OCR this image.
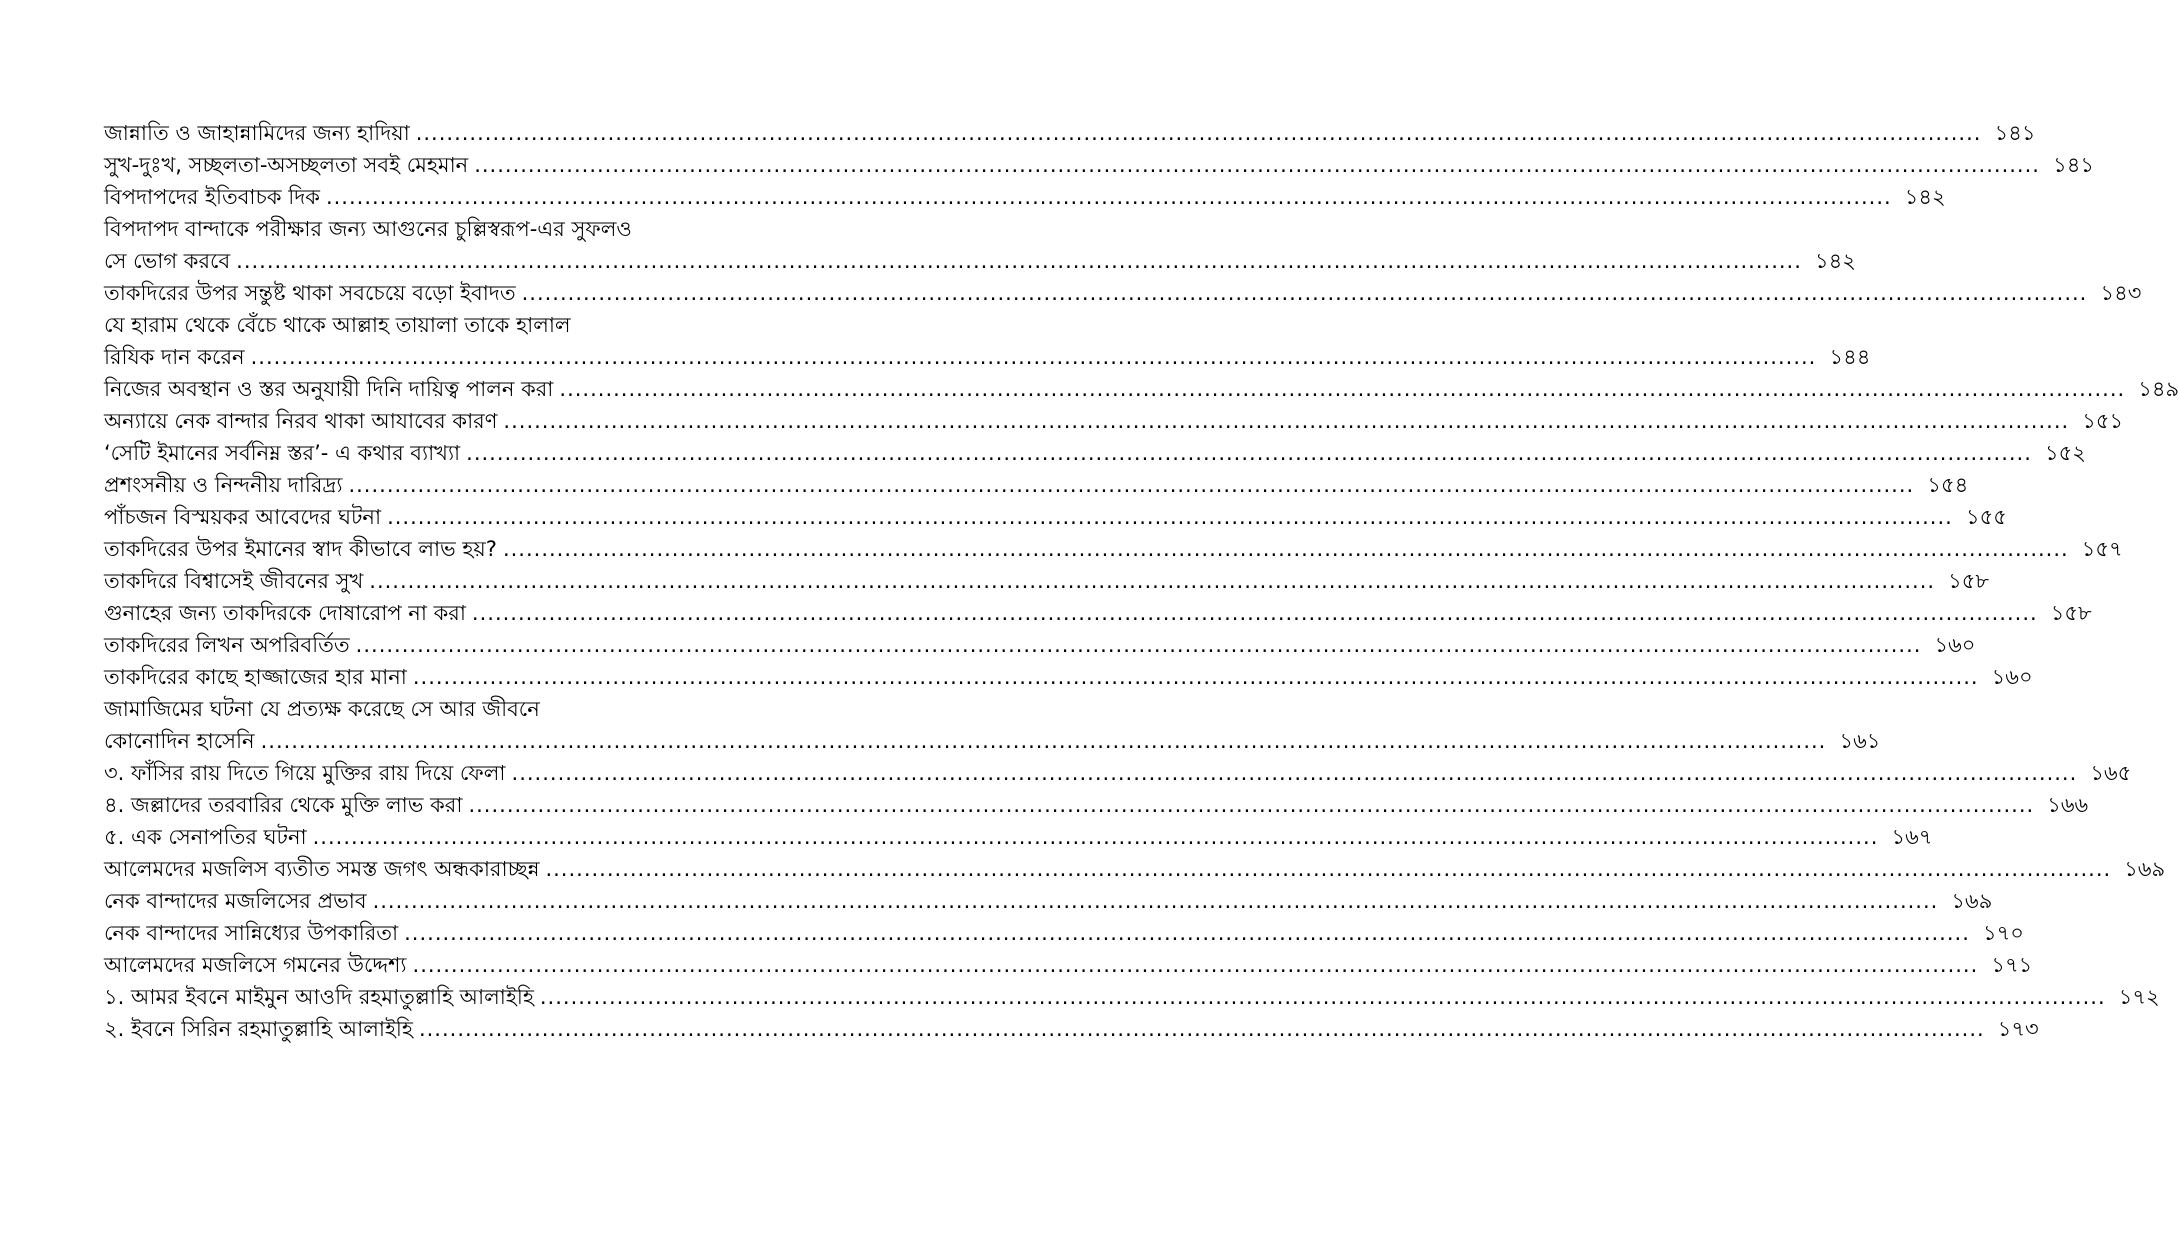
জান্নাতি ও জাহান্নামিদের জন্য হাদিয়া .....	১৪১
সুখ-দুঃখ, সচ্ছলতা-অসচ্ছলতা সবই মেহমান .....	১৪১
বিপদাপদের ইতিবাচক দিক .....	১৪২
বিপদাপদ বান্দাকে পরীক্ষার জন্য আগুনের চুল্লিস্বরূপ-এর সুফলও
সে ভোগ করবে .....	১৪২
তাকদিরের উপর সন্তুষ্ট থাকা সবচেয়ে বড়ো ইবাদত .....	১৪৩
যে হারাম থেকে বেঁচে থাকে আল্লাহ তায়ালা তাকে হালাল
রিযিক দান করেন .....	১৪৪
নিজের অবস্থান ও স্তর অনুযায়ী দিনি দায়িত্ব পালন করা .....	১৪৯
অন্যায়ে নেক বান্দার নিরব থাকা আযাবের কারণ .....	১৫১
‘সেটি ইমানের সর্বনিম্ন স্তর’- এ কথার ব্যাখ্যা .....	১৫২
প্রশংসনীয় ও নিন্দনীয় দারিদ্র্য .....	১৫৪
পাঁচজন বিস্ময়কর আবেদের ঘটনা .....	১৫৫
তাকদিরের উপর ইমানের স্বাদ কীভাবে লাভ হয়? .....	১৫৭
তাকদিরে বিশ্বাসেই জীবনের সুখ .....	১৫৮
গুনাহের জন্য তাকদিরকে দোষারোপ না করা .....	১৫৮
তাকদিরের লিখন অপরিবর্তিত .....	১৬০
তাকদিরের কাছে হাজ্জাজের হার মানা .....	১৬০
জামাজিমের ঘটনা যে প্রত্যক্ষ করেছে সে আর জীবনে
কোনোদিন হাসেনি .....	১৬১
৩. ফাঁসির রায় দিতে গিয়ে মুক্তির রায় দিয়ে ফেলা .....	১৬৫
৪. জল্লাদের তরবারির থেকে মুক্তি লাভ করা .....	১৬৬
৫. এক সেনাপতির ঘটনা .....	১৬৭
আলেমদের মজলিস ব্যতীত সমস্ত জগৎ অন্ধকারাচ্ছন্ন .....	১৬৯
নেক বান্দাদের মজলিসের প্রভাব .....	১৬৯
নেক বান্দাদের সান্নিধ্যের উপকারিতা .....	১৭০
আলেমদের মজলিসে গমনের উদ্দেশ্য .....	১৭১
১. আমর ইবনে মাইমুন আওদি রহমাতুল্লাহি আলাইহি .....	১৭২
২. ইবনে সিরিন রহমাতুল্লাহি আলাইহি .....	১৭৩
